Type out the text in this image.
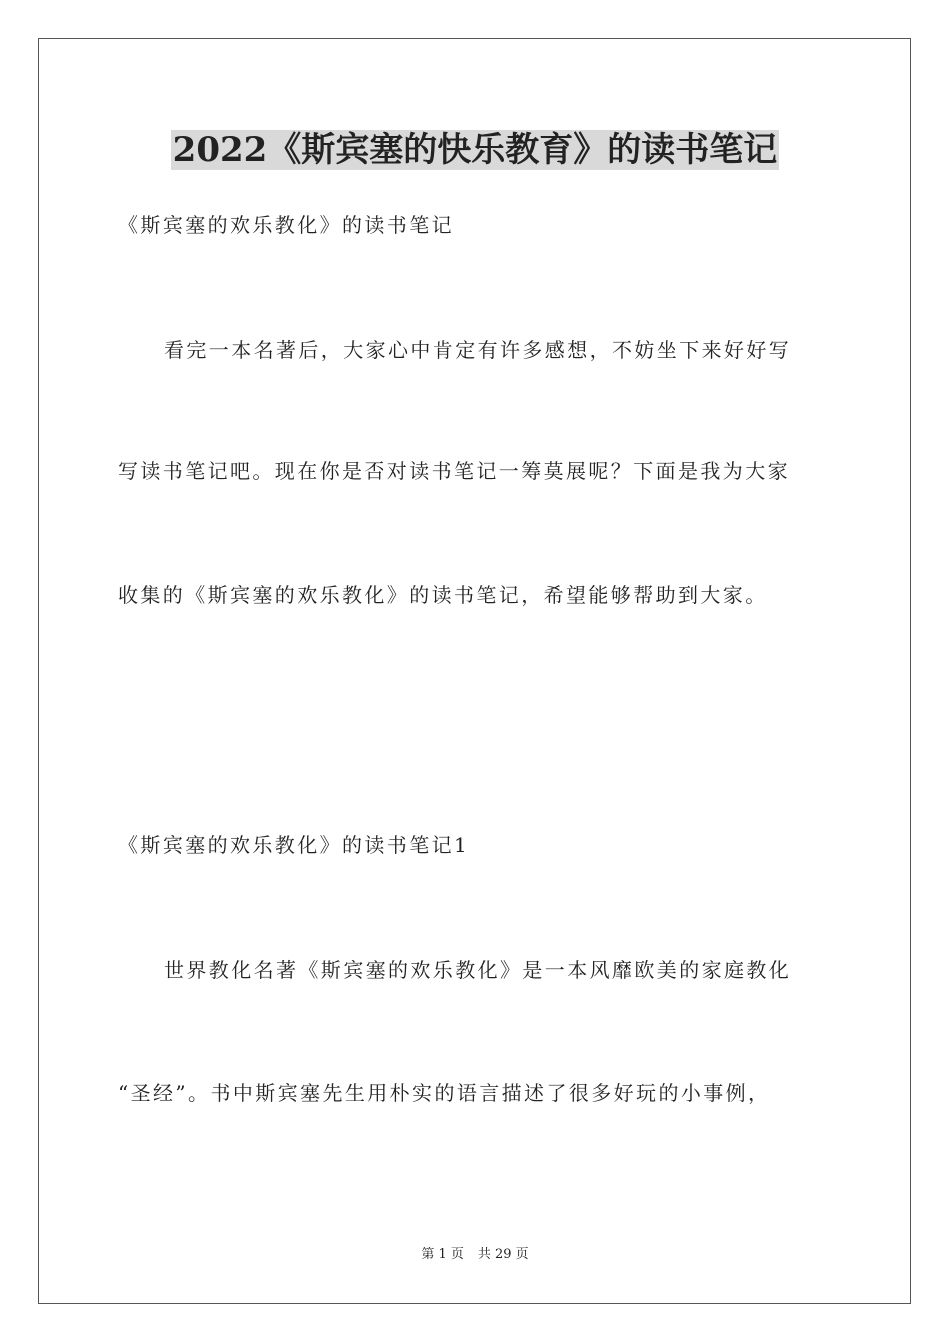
2022《斯宾塞的快乐教育》的读书笔记
《斯宾塞的欢乐教化》的读书笔记
看完一本名著后，大家心中肯定有许多感想，不妨坐下来好好写
写读书笔记吧。现在你是否对读书笔记一筹莫展呢？下面是我为大家
收集的《斯宾塞的欢乐教化》的读书笔记，希望能够帮助到大家。
《斯宾塞的欢乐教化》的读书笔记1
世界教化名著《斯宾塞的欢乐教化》是一本风靡欧美的家庭教化
“圣经”。书中斯宾塞先生用朴实的语言描述了很多好玩的小事例，
第 1 页 共 29 页
